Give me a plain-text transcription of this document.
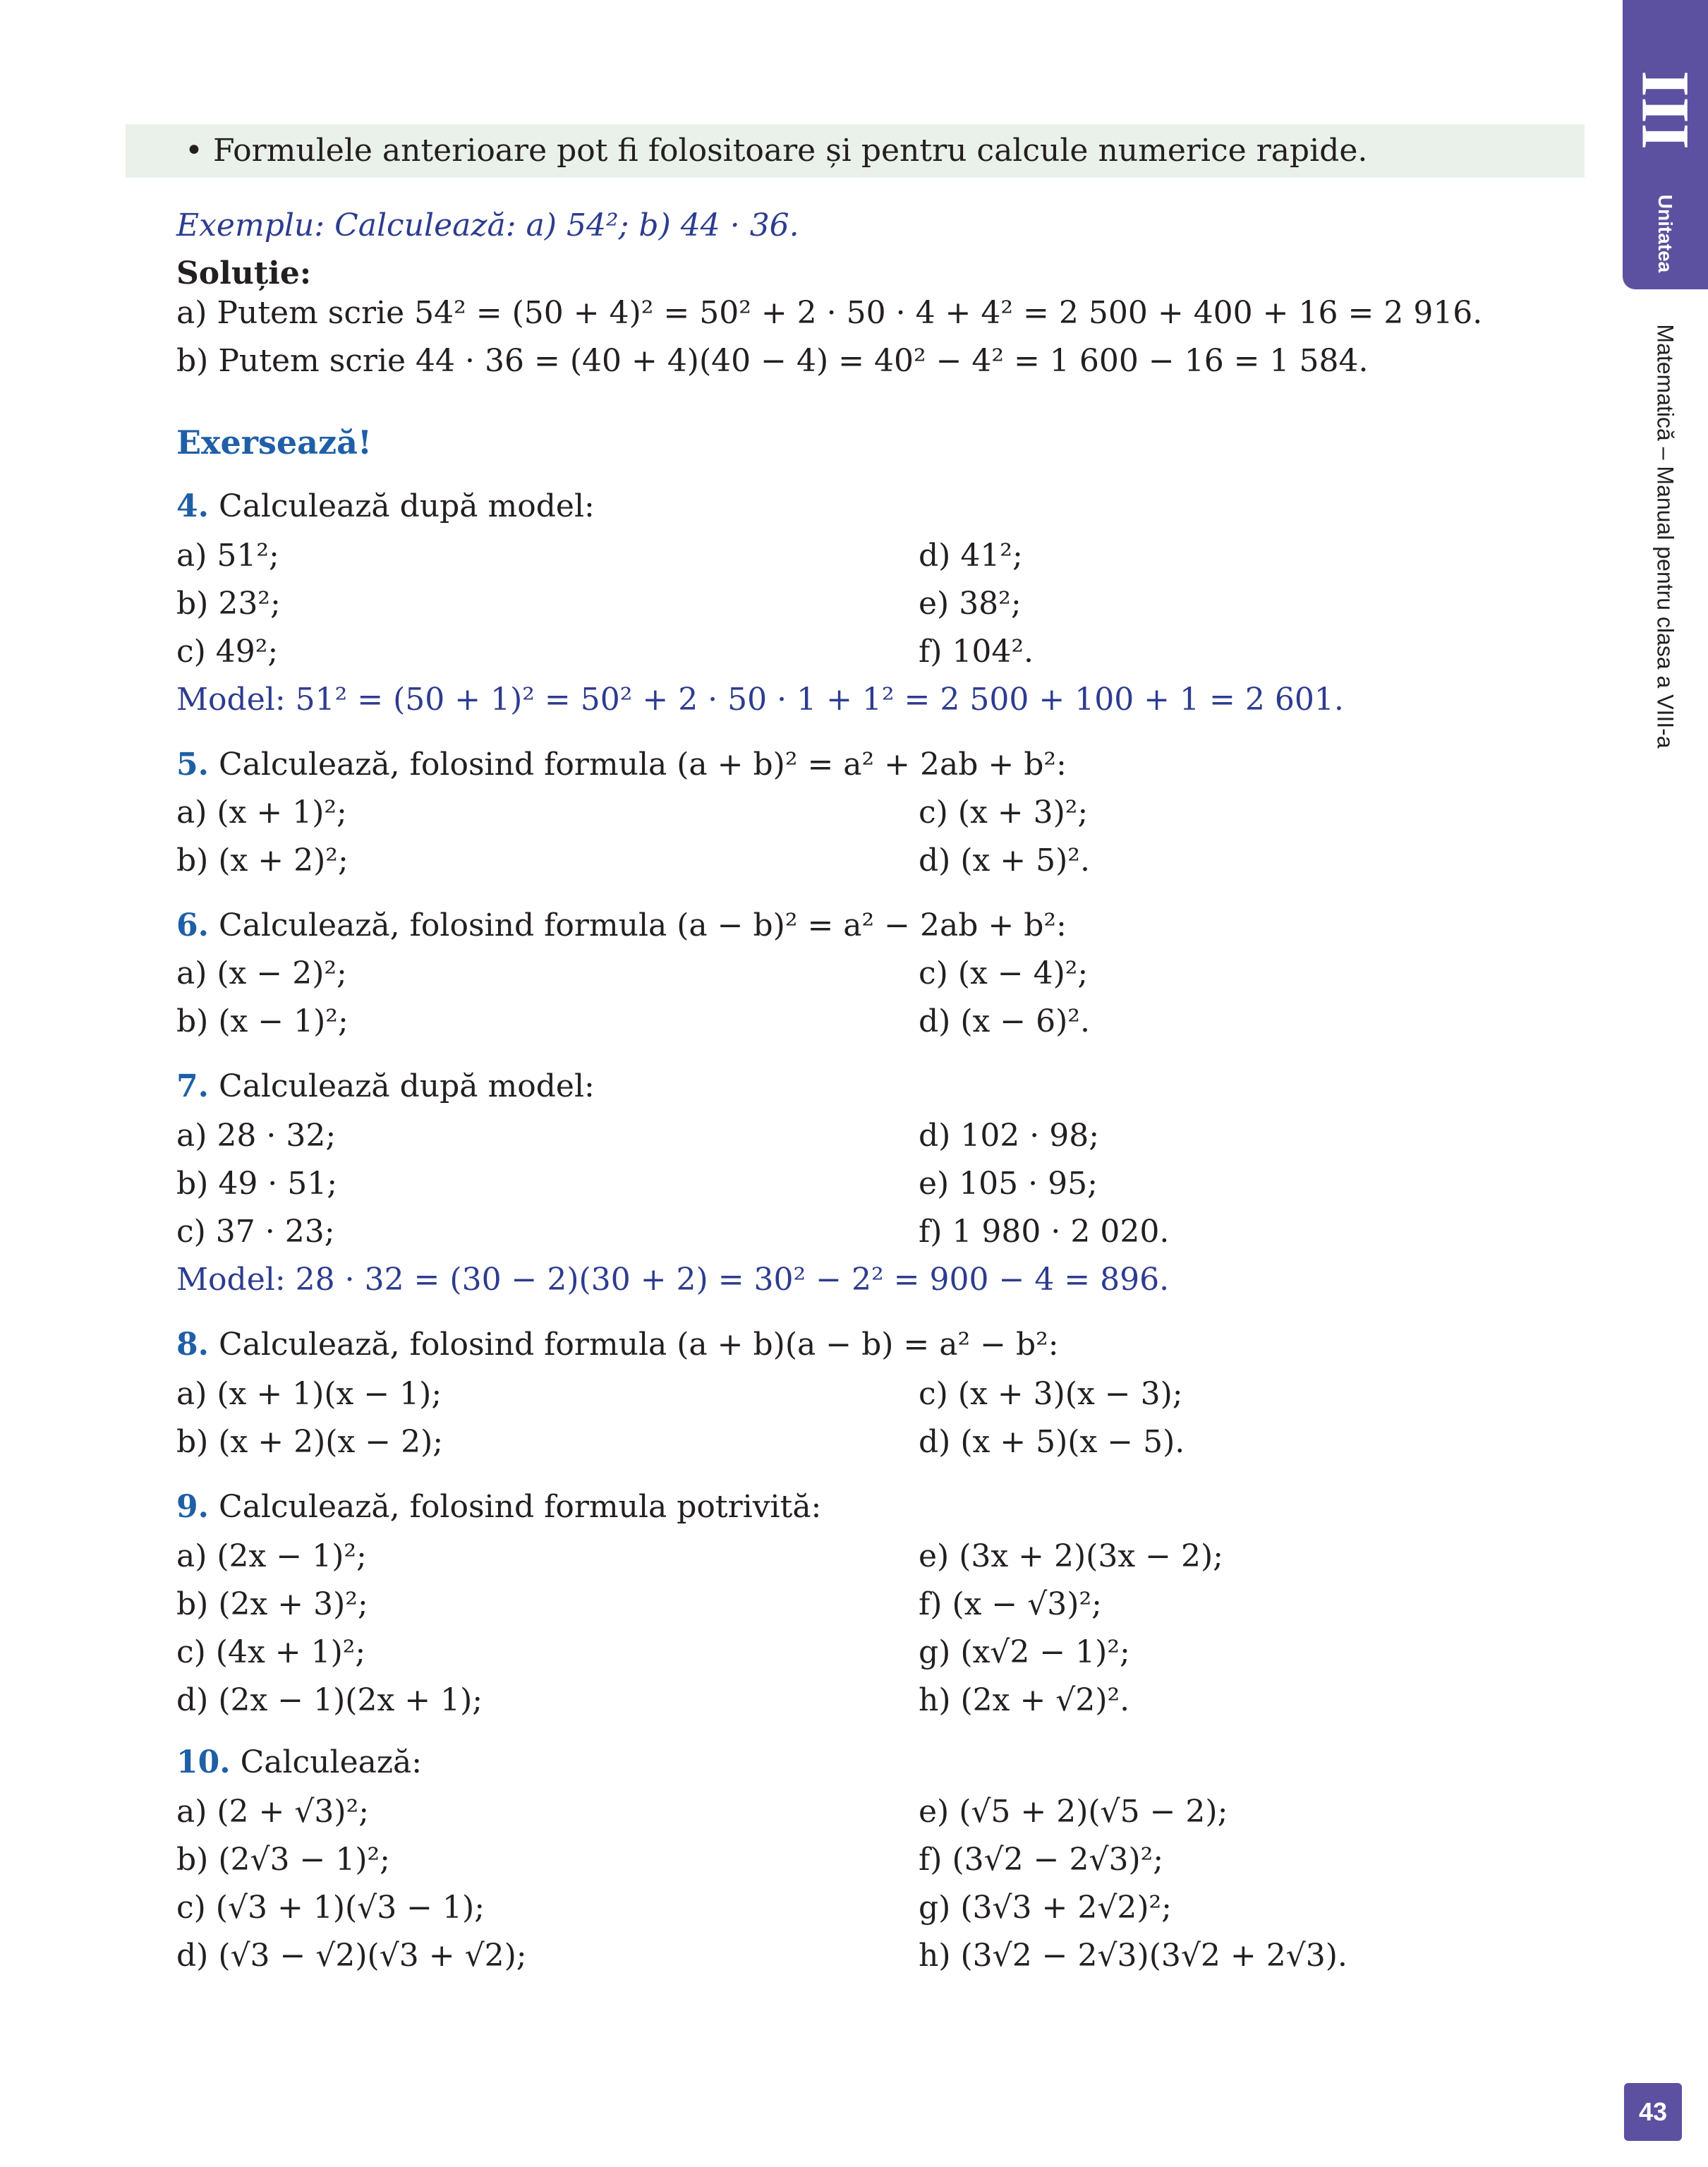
III
Unitatea
Matematică – Manual pentru clasa a VIII-a
43
• Formulele anterioare pot fi folositoare și pentru calcule numerice rapide.
Exemplu: Calculează: a) 54²; b) 44 · 36.
Soluție:
a) Putem scrie 54² = (50 + 4)² = 50² + 2 · 50 · 4 + 4² = 2 500 + 400 + 16 = 2 916.
b) Putem scrie 44 · 36 = (40 + 4)(40 − 4) = 40² − 4² = 1 600 − 16 = 1 584.
Exersează!
4. Calculează după model:
a) 51²;	d) 41²;
b) 23²;	e) 38²;
c) 49²;	f) 104².
Model: 51² = (50 + 1)² = 50² + 2 · 50 · 1 + 1² = 2 500 + 100 + 1 = 2 601.
5. Calculează, folosind formula (a + b)² = a² + 2ab + b²:
a) (x + 1)²;	c) (x + 3)²;
b) (x + 2)²;	d) (x + 5)².
6. Calculează, folosind formula (a − b)² = a² − 2ab + b²:
a) (x − 2)²;	c) (x − 4)²;
b) (x − 1)²;	d) (x − 6)².
7. Calculează după model:
a) 28 · 32;	d) 102 · 98;
b) 49 · 51;	e) 105 · 95;
c) 37 · 23;	f) 1 980 · 2 020.
Model: 28 · 32 = (30 − 2)(30 + 2) = 30² − 2² = 900 − 4 = 896.
8. Calculează, folosind formula (a + b)(a − b) = a² − b²:
a) (x + 1)(x − 1);	c) (x + 3)(x − 3);
b) (x + 2)(x − 2);	d) (x + 5)(x − 5).
9. Calculează, folosind formula potrivită:
a) (2x − 1)²;	e) (3x + 2)(3x − 2);
b) (2x + 3)²;	f) (x − √3)²;
c) (4x + 1)²;	g) (x√2 − 1)²;
d) (2x − 1)(2x + 1);	h) (2x + √2)².
10. Calculează:
a) (2 + √3)²;	e) (√5 + 2)(√5 − 2);
b) (2√3 − 1)²;	f) (3√2 − 2√3)²;
c) (√3 + 1)(√3 − 1);	g) (3√3 + 2√2)²;
d) (√3 − √2)(√3 + √2);	h) (3√2 − 2√3)(3√2 + 2√3).
